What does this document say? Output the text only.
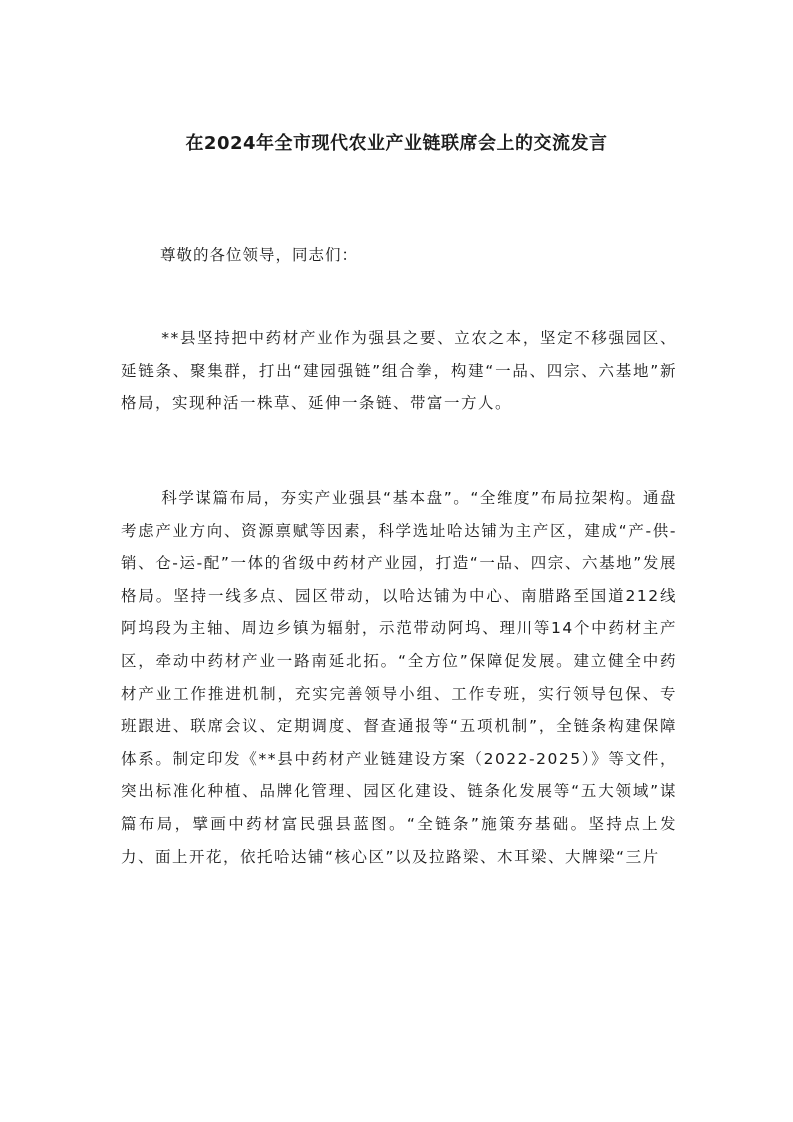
在2024年全市现代农业产业链联席会上的交流发言

尊敬的各位领导，同志们：

**县坚持把中药材产业作为强县之要、立农之本，坚定不移强园区、延链条、聚集群，打出“建园强链”组合拳，构建“一品、四宗、六基地”新格局，实现种活一株草、延伸一条链、带富一方人。

科学谋篇布局，夯实产业强县“基本盘”。“全维度”布局拉架构。通盘考虑产业方向、资源禀赋等因素，科学选址哈达铺为主产区，建成“产-供-销、仓-运-配”一体的省级中药材产业园，打造“一品、四宗、六基地”发展格局。坚持一线多点、园区带动，以哈达铺为中心、南腊路至国道212线阿坞段为主轴、周边乡镇为辐射，示范带动阿坞、理川等14个中药材主产区，牵动中药材产业一路南延北拓。“全方位”保障促发展。建立健全中药材产业工作推进机制，充实完善领导小组、工作专班，实行领导包保、专班跟进、联席会议、定期调度、督查通报等“五项机制”，全链条构建保障体系。制定印发《**县中药材产业链建设方案（2022-2025）》等文件，突出标准化种植、品牌化管理、园区化建设、链条化发展等“五大领域”谋篇布局，擘画中药材富民强县蓝图。“全链条”施策夯基础。坚持点上发力、面上开花，依托哈达铺“核心区”以及拉路梁、木耳梁、大牌梁“三片
